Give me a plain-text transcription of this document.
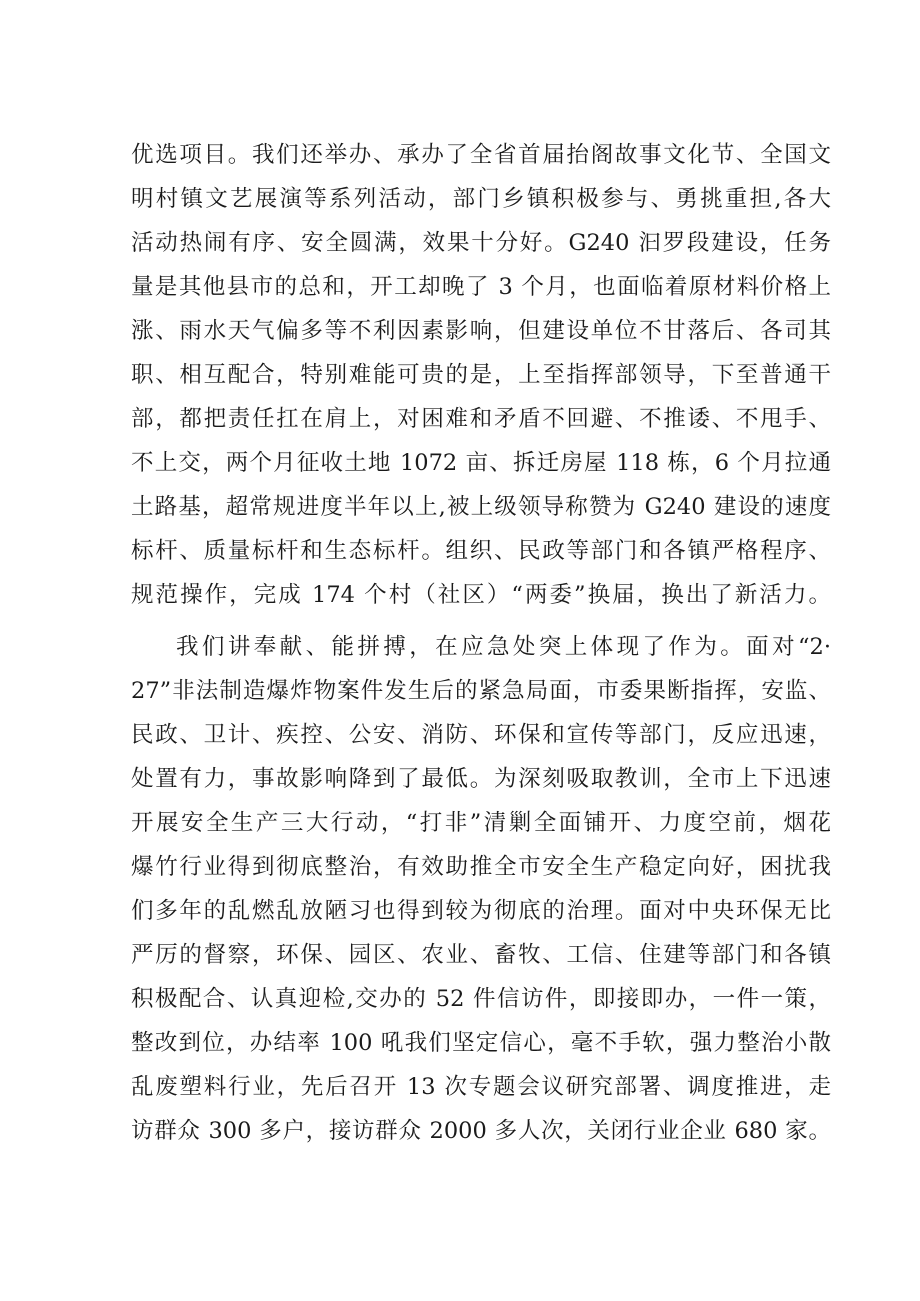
优选项目。我们还举办、承办了全省首届抬阁故事文化节、全国文
明村镇文艺展演等系列活动，部门乡镇积极参与、勇挑重担,各大
活动热闹有序、安全圆满，效果十分好。G240 汩罗段建设，任务
量是其他县市的总和，开工却晚了 3 个月，也面临着原材料价格上
涨、雨水天气偏多等不利因素影响，但建设单位不甘落后、各司其
职、相互配合，特别难能可贵的是，上至指挥部领导，下至普通干
部，都把责任扛在肩上，对困难和矛盾不回避、不推诿、不甩手、
不上交，两个月征收土地 1072 亩、拆迁房屋 118 栋，6 个月拉通
土路基，超常规进度半年以上,被上级领导称赞为 G240 建设的速度
标杆、质量标杆和生态标杆。组织、民政等部门和各镇严格程序、
规范操作，完成 174 个村（社区）“两委”换届，换出了新活力。
我们讲奉献、能拼搏，在应急处突上体现了作为。面对“2·
27”非法制造爆炸物案件发生后的紧急局面，市委果断指挥，安监、
民政、卫计、疾控、公安、消防、环保和宣传等部门，反应迅速，
处置有力，事故影响降到了最低。为深刻吸取教训，全市上下迅速
开展安全生产三大行动，“打非”清剿全面铺开、力度空前，烟花
爆竹行业得到彻底整治，有效助推全市安全生产稳定向好，困扰我
们多年的乱燃乱放陋习也得到较为彻底的治理。面对中央环保无比
严厉的督察，环保、园区、农业、畜牧、工信、住建等部门和各镇
积极配合、认真迎检,交办的 52 件信访件，即接即办，一件一策，
整改到位，办结率 100 吼我们坚定信心，毫不手软，强力整治小散
乱废塑料行业，先后召开 13 次专题会议研究部署、调度推进，走
访群众 300 多户，接访群众 2000 多人次，关闭行业企业 680 家。
